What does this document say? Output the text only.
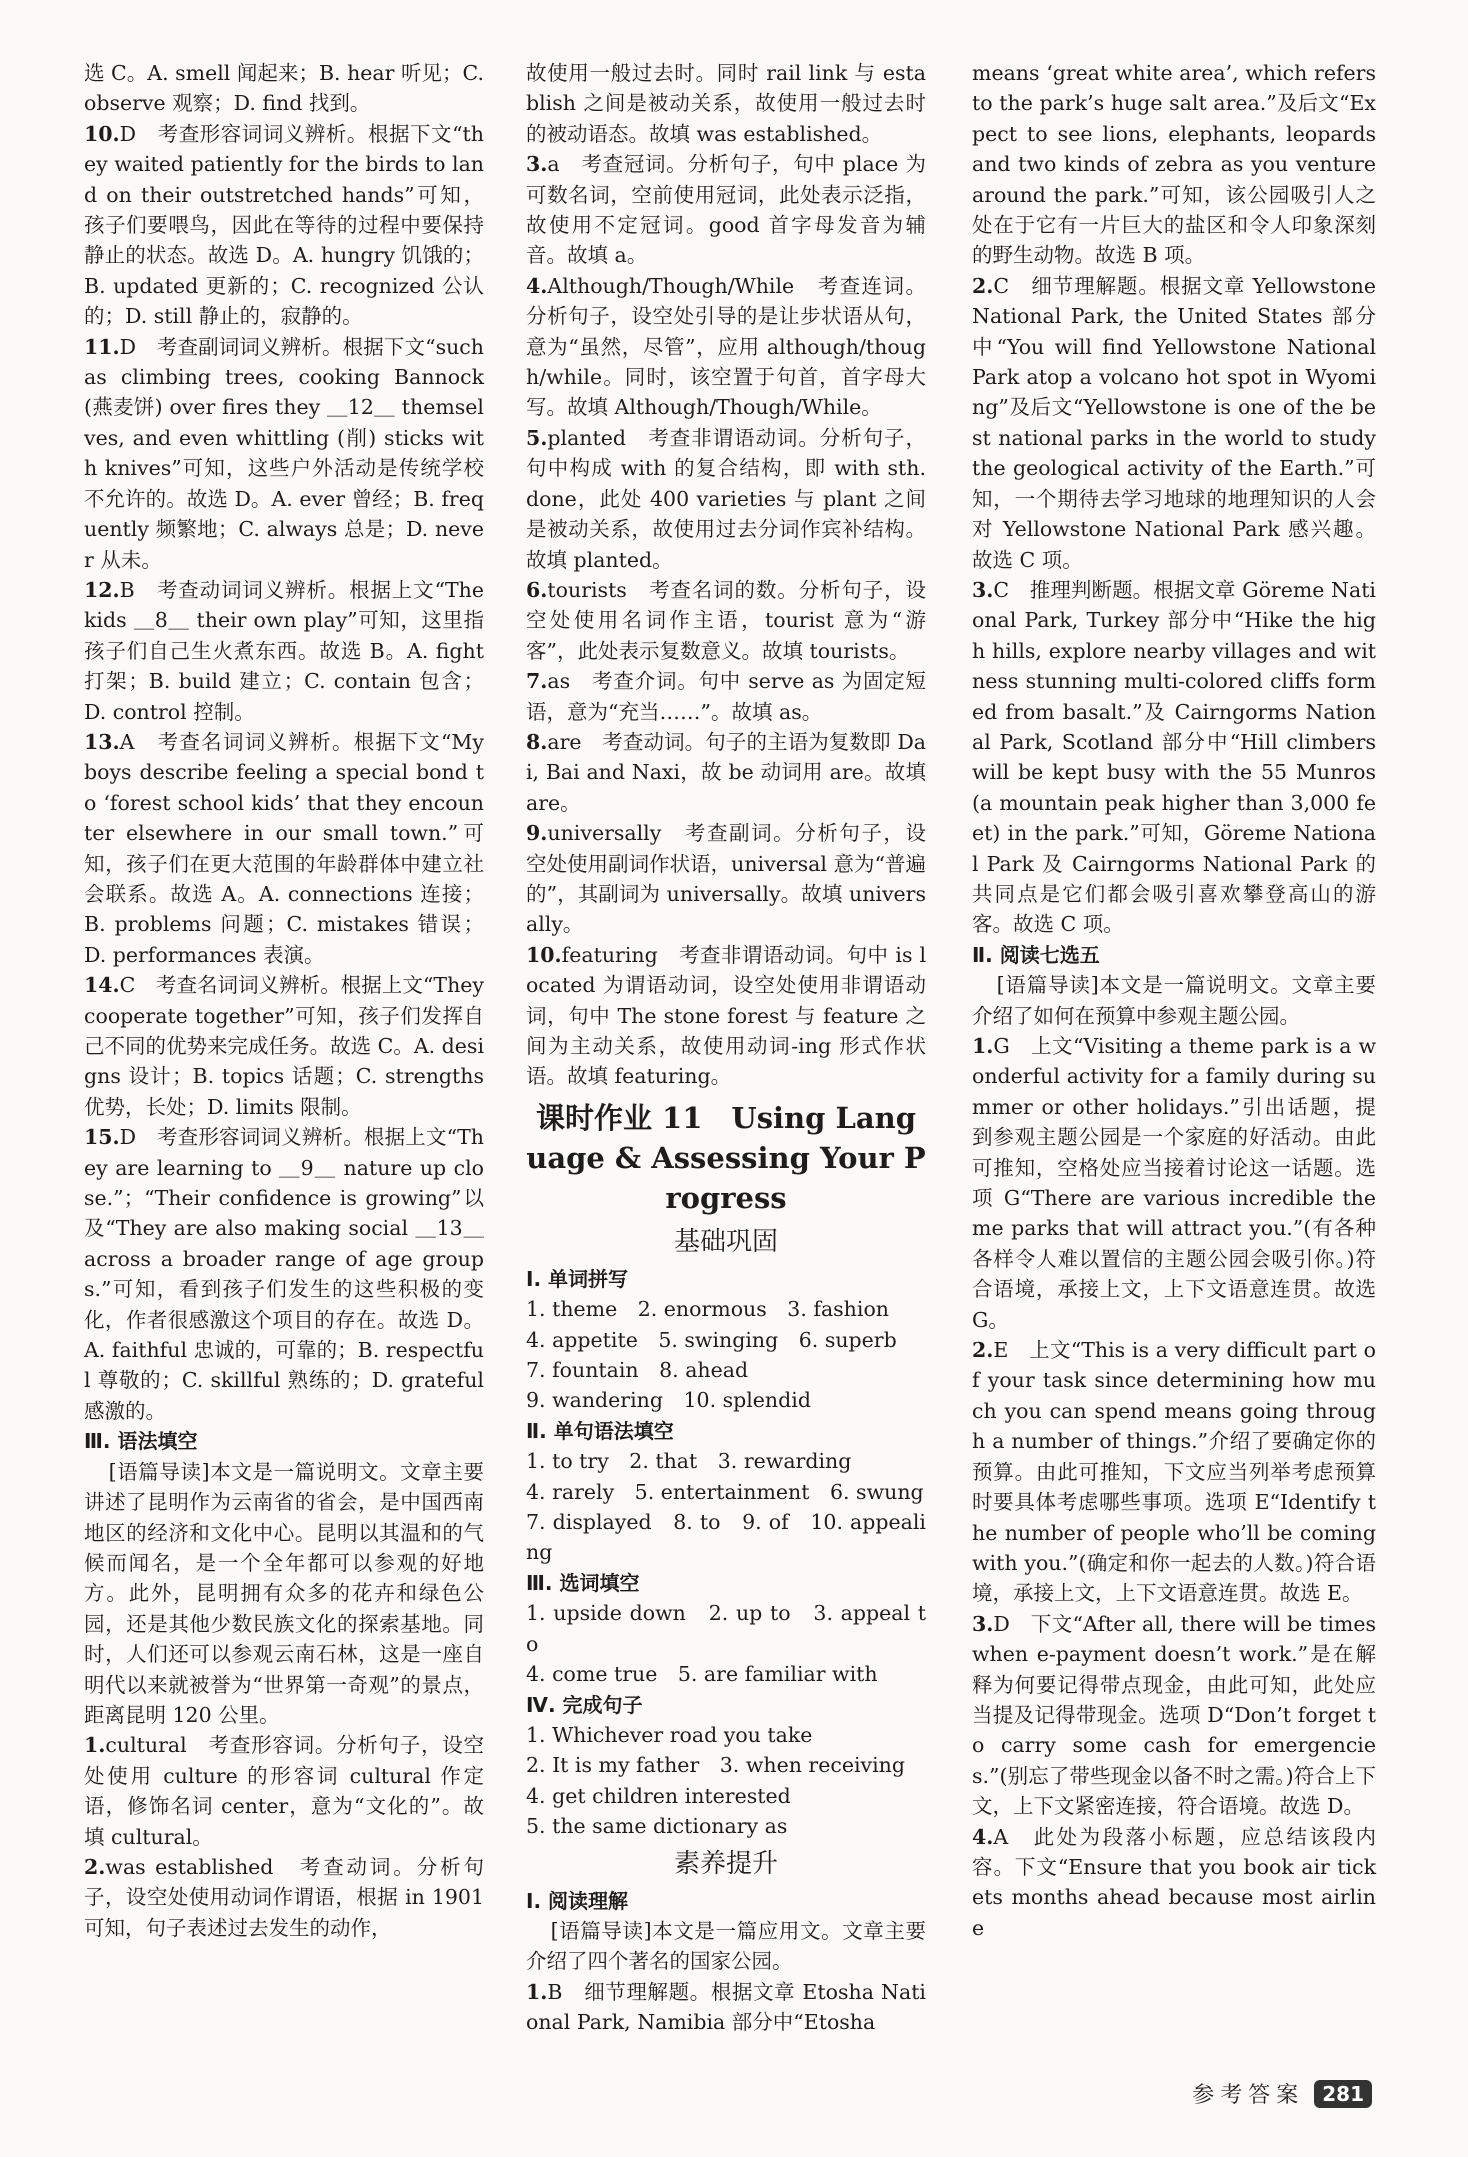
选 C。A. smell 闻起来；B. hear 听见；C. observe 观察；D. find 找到。

10.D　考查形容词词义辨析。根据下文“they waited patiently for the birds to land on their outstretched hands”可知，孩子们要喂鸟，因此在等待的过程中要保持静止的状态。故选 D。A. hungry 饥饿的；B. updated 更新的；C. recognized 公认的；D. still 静止的，寂静的。

11.D　考查副词词义辨析。根据下文“such as climbing trees, cooking Bannock (燕麦饼) over fires they ＿12＿ themselves, and even whittling (削) sticks with knives”可知，这些户外活动是传统学校不允许的。故选 D。A. ever 曾经；B. frequently 频繁地；C. always 总是；D. never 从未。

12.B　考查动词词义辨析。根据上文“The kids ＿8＿ their own play”可知，这里指孩子们自己生火煮东西。故选 B。A. fight 打架；B. build 建立；C. contain 包含；D. control 控制。

13.A　考查名词词义辨析。根据下文“My boys describe feeling a special bond to ‘forest school kids’ that they encounter elsewhere in our small town.”可知，孩子们在更大范围的年龄群体中建立社会联系。故选 A。A. connections 连接；B. problems 问题；C. mistakes 错误；D. performances 表演。

14.C　考查名词词义辨析。根据上文“They cooperate together”可知，孩子们发挥自己不同的优势来完成任务。故选 C。A. designs 设计；B. topics 话题；C. strengths 优势，长处；D. limits 限制。

15.D　考查形容词词义辨析。根据上文“They are learning to ＿9＿ nature up close.”；“Their confidence is growing”以及“They are also making social ＿13＿ across a broader range of age groups.”可知，看到孩子们发生的这些积极的变化，作者很感激这个项目的存在。故选 D。A. faithful 忠诚的，可靠的；B. respectful 尊敬的；C. skillful 熟练的；D. grateful 感激的。

Ⅲ. 语法填空

[语篇导读]本文是一篇说明文。文章主要讲述了昆明作为云南省的省会，是中国西南地区的经济和文化中心。昆明以其温和的气候而闻名，是一个全年都可以参观的好地方。此外，昆明拥有众多的花卉和绿色公园，还是其他少数民族文化的探索基地。同时，人们还可以参观云南石林，这是一座自明代以来就被誉为“世界第一奇观”的景点，距离昆明 120 公里。

1.cultural　考查形容词。分析句子，设空处使用 culture 的形容词 cultural 作定语，修饰名词 center，意为“文化的”。故填 cultural。

2.was established　考查动词。分析句子，设空处使用动词作谓语，根据 in 1901 可知，句子表述过去发生的动作，

故使用一般过去时。同时 rail link 与 establish 之间是被动关系，故使用一般过去时的被动语态。故填 was established。

3.a　考查冠词。分析句子，句中 place 为可数名词，空前使用冠词，此处表示泛指，故使用不定冠词。good 首字母发音为辅音。故填 a。

4.Although/Though/While　考查连词。分析句子，设空处引导的是让步状语从句，意为“虽然，尽管”，应用 although/though/while。同时，该空置于句首，首字母大写。故填 Although/Though/While。

5.planted　考查非谓语动词。分析句子，句中构成 with 的复合结构，即 with sth. done，此处 400 varieties 与 plant 之间是被动关系，故使用过去分词作宾补结构。故填 planted。

6.tourists　考查名词的数。分析句子，设空处使用名词作主语，tourist 意为“游客”，此处表示复数意义。故填 tourists。

7.as　考查介词。句中 serve as 为固定短语，意为“充当……”。故填 as。

8.are　考查动词。句子的主语为复数即 Dai, Bai and Naxi，故 be 动词用 are。故填 are。

9.universally　考查副词。分析句子，设空处使用副词作状语，universal 意为“普遍的”，其副词为 universally。故填 universally。

10.featuring　考查非谓语动词。句中 is located 为谓语动词，设空处使用非谓语动词，句中 The stone forest 与 feature 之间为主动关系，故使用动词-ing 形式作状语。故填 featuring。

课时作业 11　Using Language & Assessing Your Progress
基础巩固
Ⅰ. 单词拼写
1. theme　2. enormous　3. fashion
4. appetite　5. swinging　6. superb
7. fountain　8. ahead
9. wandering　10. splendid
Ⅱ. 单句语法填空
1. to try　2. that　3. rewarding
4. rarely　5. entertainment　6. swung
7. displayed　8. to　9. of　10. appealing
Ⅲ. 选词填空
1. upside down　2. up to　3. appeal to
4. come true　5. are familiar with
Ⅳ. 完成句子
1. Whichever road you take
2. It is my father　3. when receiving
4. get children interested
5. the same dictionary as
素养提升
Ⅰ. 阅读理解

[语篇导读]本文是一篇应用文。文章主要介绍了四个著名的国家公园。

1.B　细节理解题。根据文章 Etosha National Park, Namibia 部分中“Etosha

means ‘great white area’, which refers to the park’s huge salt area.”及后文“Expect to see lions, elephants, leopards and two kinds of zebra as you venture around the park.”可知，该公园吸引人之处在于它有一片巨大的盐区和令人印象深刻的野生动物。故选 B 项。

2.C　细节理解题。根据文章 Yellowstone National Park, the United States 部分中“You will find Yellowstone National Park atop a volcano hot spot in Wyoming”及后文“Yellowstone is one of the best national parks in the world to study the geological activity of the Earth.”可知，一个期待去学习地球的地理知识的人会对 Yellowstone National Park 感兴趣。故选 C 项。

3.C　推理判断题。根据文章 Göreme National Park, Turkey 部分中“Hike the high hills, explore nearby villages and witness stunning multi-colored cliffs formed from basalt.”及 Cairngorms National Park, Scotland 部分中“Hill climbers will be kept busy with the 55 Munros (a mountain peak higher than 3,000 feet) in the park.”可知，Göreme National Park 及 Cairngorms National Park 的共同点是它们都会吸引喜欢攀登高山的游客。故选 C 项。

Ⅱ. 阅读七选五

[语篇导读]本文是一篇说明文。文章主要介绍了如何在预算中参观主题公园。

1.G　上文“Visiting a theme park is a wonderful activity for a family during summer or other holidays.”引出话题，提到参观主题公园是一个家庭的好活动。由此可推知，空格处应当接着讨论这一话题。选项 G“There are various incredible theme parks that will attract you.”(有各种各样令人难以置信的主题公园会吸引你。)符合语境，承接上文，上下文语意连贯。故选 G。

2.E　上文“This is a very difficult part of your task since determining how much you can spend means going through a number of things.”介绍了要确定你的预算。由此可推知，下文应当列举考虑预算时要具体考虑哪些事项。选项 E“Identify the number of people who’ll be coming with you.”(确定和你一起去的人数。)符合语境，承接上文，上下文语意连贯。故选 E。

3.D　下文“After all, there will be times when e-payment doesn’t work.”是在解释为何要记得带点现金，由此可知，此处应当提及记得带现金。选项 D“Don’t forget to carry some cash for emergencies.”(别忘了带些现金以备不时之需。)符合上下文，上下文紧密连接，符合语境。故选 D。

4.A　此处为段落小标题，应总结该段内容。下文“Ensure that you book air tickets months ahead because most airline

参考答案 281
